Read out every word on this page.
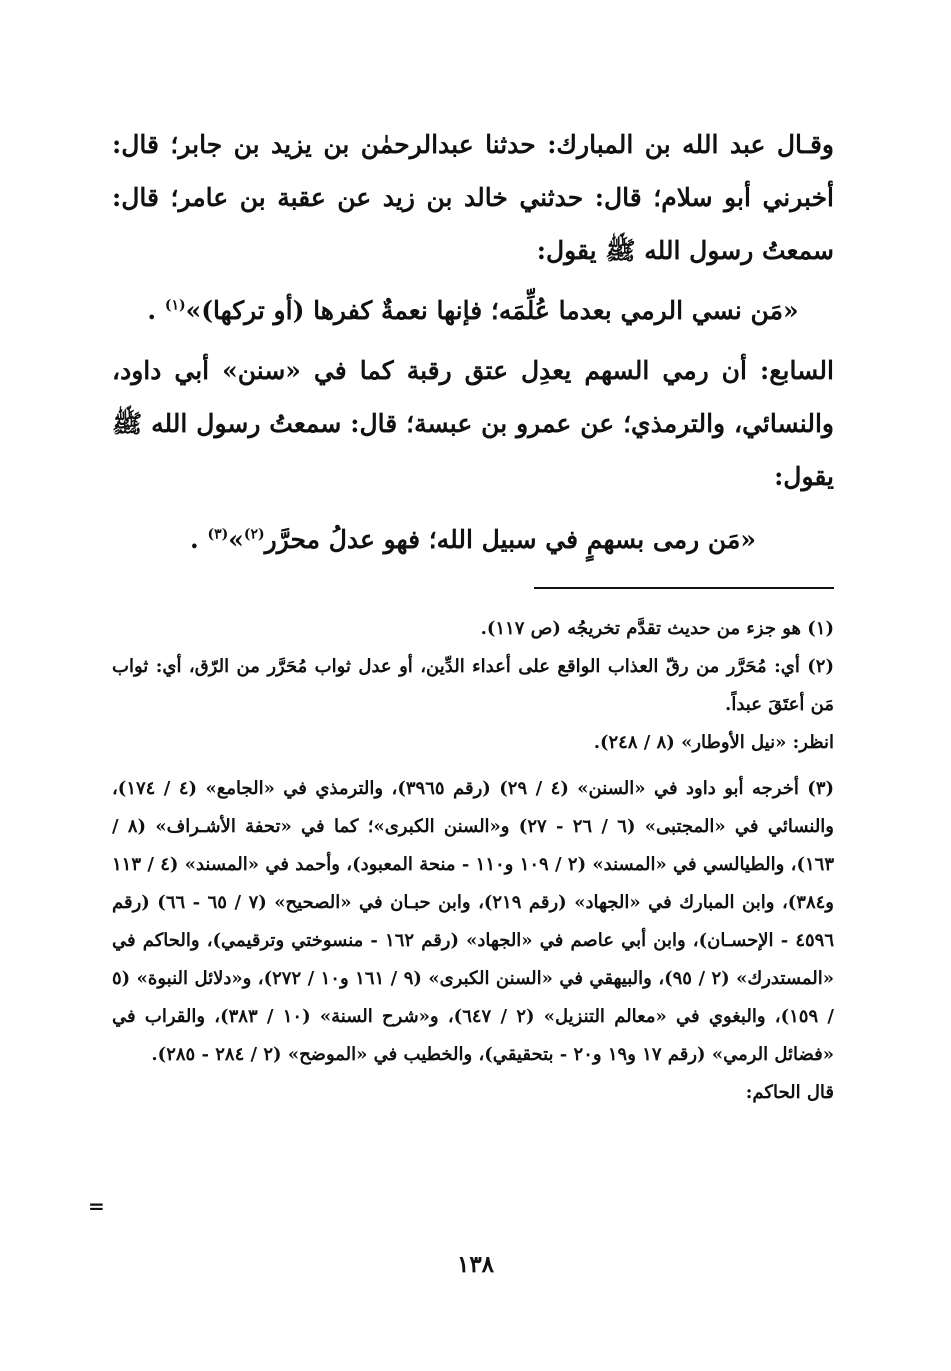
وقـال عبد الله بن المبارك: حدثنا عبدالرحمٰن بن يزيد بن جابر؛ قال: أخبرني أبو سلام؛ قال: حدثني خالد بن زيد عن عقبة بن عامر؛ قال: سمعتُ رسول الله ﷺ يقول:

«مَن نسي الرمي بعدما عُلِّمَه؛ فإنها نعمةٌ كفرها (أو تركها)»$^{(١)}$ .

السابع: أن رمي السهم يعدِل عتق رقبة كما في «سنن» أبي داود، والنسائي، والترمذي؛ عن عمرو بن عبسة؛ قال: سمعتُ رسول الله ﷺ يقول:

«مَن رمى بسهمٍ في سبيل الله؛ فهو عدلُ محرَّر$^{(٢)}$»$^{(٣)}$ .

(١) هو جزء من حديث تقدَّم تخريجُه (ص ١١٧).

(٢) أي: مُحَرَّر من رقّ العذاب الواقع على أعداء الدِّين، أو عدل ثواب مُحَرَّر من الرّق، أي: ثواب مَن أعتَقَ عبداً.

انظر: «نيل الأوطار» (٨ / ٢٤٨).

(٣) أخرجه أبو داود في «السنن» (٤ / ٢٩) (رقم ٣٩٦٥)، والترمذي في «الجامع» (٤ / ١٧٤)، والنسائي في «المجتبى» (٦ / ٢٦ - ٢٧) و«السنن الكبرى»؛ كما في «تحفة الأشـراف» (٨ / ١٦٣)، والطيالسي في «المسند» (٢ / ١٠٩ و١١٠ - منحة المعبود)، وأحمد في «المسند» (٤ / ١١٣ و٣٨٤)، وابن المبارك في «الجهاد» (رقم ٢١٩)، وابن حبـان في «الصحيح» (٧ / ٦٥ - ٦٦) (رقم ٤٥٩٦ - الإحسـان)، وابن أبي عاصم في «الجهاد» (رقم ١٦٢ - منسوختي وترقيمي)، والحاكم في «المستدرك» (٢ / ٩٥)، والبيهقي في «السنن الكبرى» (٩ / ١٦١ و١٠ / ٢٧٢)، و«دلائل النبوة» (٥ / ١٥٩)، والبغوي في «معالم التنزيل» (٢ / ٦٤٧)، و«شرح السنة» (١٠ / ٣٨٣)، والقراب في «فضائل الرمي» (رقم ١٧ و١٩ و٢٠ - بتحقيقي)، والخطيب في «الموضح» (٢ / ٢٨٤ - ٢٨٥).

قال الحاكم:

=
١٣٨
